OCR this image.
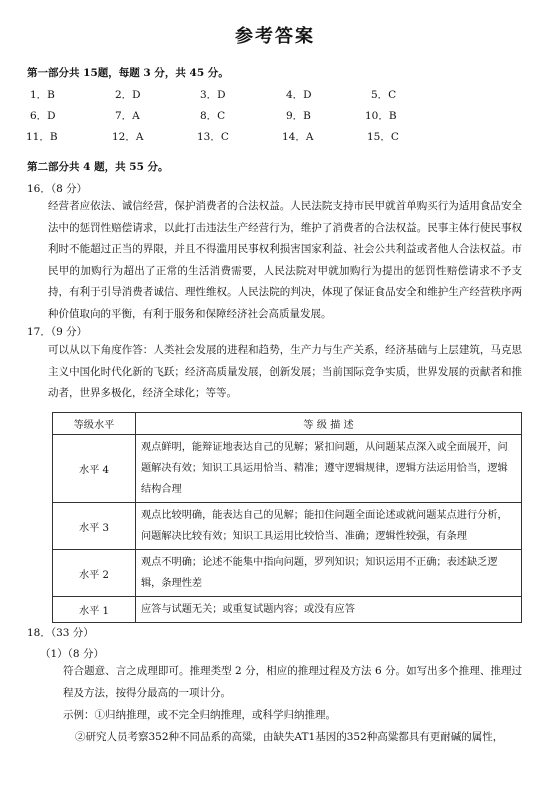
参考答案
第一部分共 15题，每题 3 分，共 45 分。
1．B	2．D	3．D	4．D	5．C
6．D	7．A	8．C	9．B	10．B
11．B	12．A	13．C	14．A	15．C
第二部分共 4 题，共 55 分。
16．（8 分）
经营者应依法、诚信经营，保护消费者的合法权益。人民法院支持市民甲就首单购买行为适用食品安全法中的惩罚性赔偿请求，以此打击违法生产经营行为，维护了消费者的合法权益。民事主体行使民事权利时不能超过正当的界限，并且不得滥用民事权利损害国家利益、社会公共利益或者他人合法权益。市民甲的加购行为超出了正常的生活消费需要，人民法院对甲就加购行为提出的惩罚性赔偿请求不予支持，有利于引导消费者诚信、理性维权。人民法院的判决，体现了保证食品安全和维护生产经营秩序两种价值取向的平衡，有利于服务和保障经济社会高质量发展。
17．（9 分）
可以从以下角度作答：人类社会发展的进程和趋势，生产力与生产关系，经济基础与上层建筑，马克思主义中国化时代化新的飞跃；经济高质量发展，创新发展；当前国际竞争实质，世界发展的贡献者和推动者，世界多极化，经济全球化；等等。
等级水平	等 级 描 述
水平 4	观点鲜明，能辩证地表达自己的见解；紧扣问题，从问题某点深入或全面展开，问题解决有效；知识工具运用恰当、精准；遵守逻辑规律，逻辑方法运用恰当，逻辑结构合理
水平 3	观点比较明确，能表达自己的见解；能扣住问题全面论述或就问题某点进行分析，问题解决比较有效；知识工具运用比较恰当、准确；逻辑性较强，有条理
水平 2	观点不明确；论述不能集中指向问题，罗列知识；知识运用不正确；表述缺乏逻辑，条理性差
水平 1	应答与试题无关；或重复试题内容；或没有应答
18．（33 分）
（1）（8 分）
符合题意、言之成理即可。推理类型 2 分，相应的推理过程及方法 6 分。如写出多个推理、推理过程及方法，按得分最高的一项计分。
示例：①归纳推理，或不完全归纳推理，或科学归纳推理。
②研究人员考察352种不同品系的高粱，由缺失AT1基因的352种高粱都具有更耐碱的属性，
